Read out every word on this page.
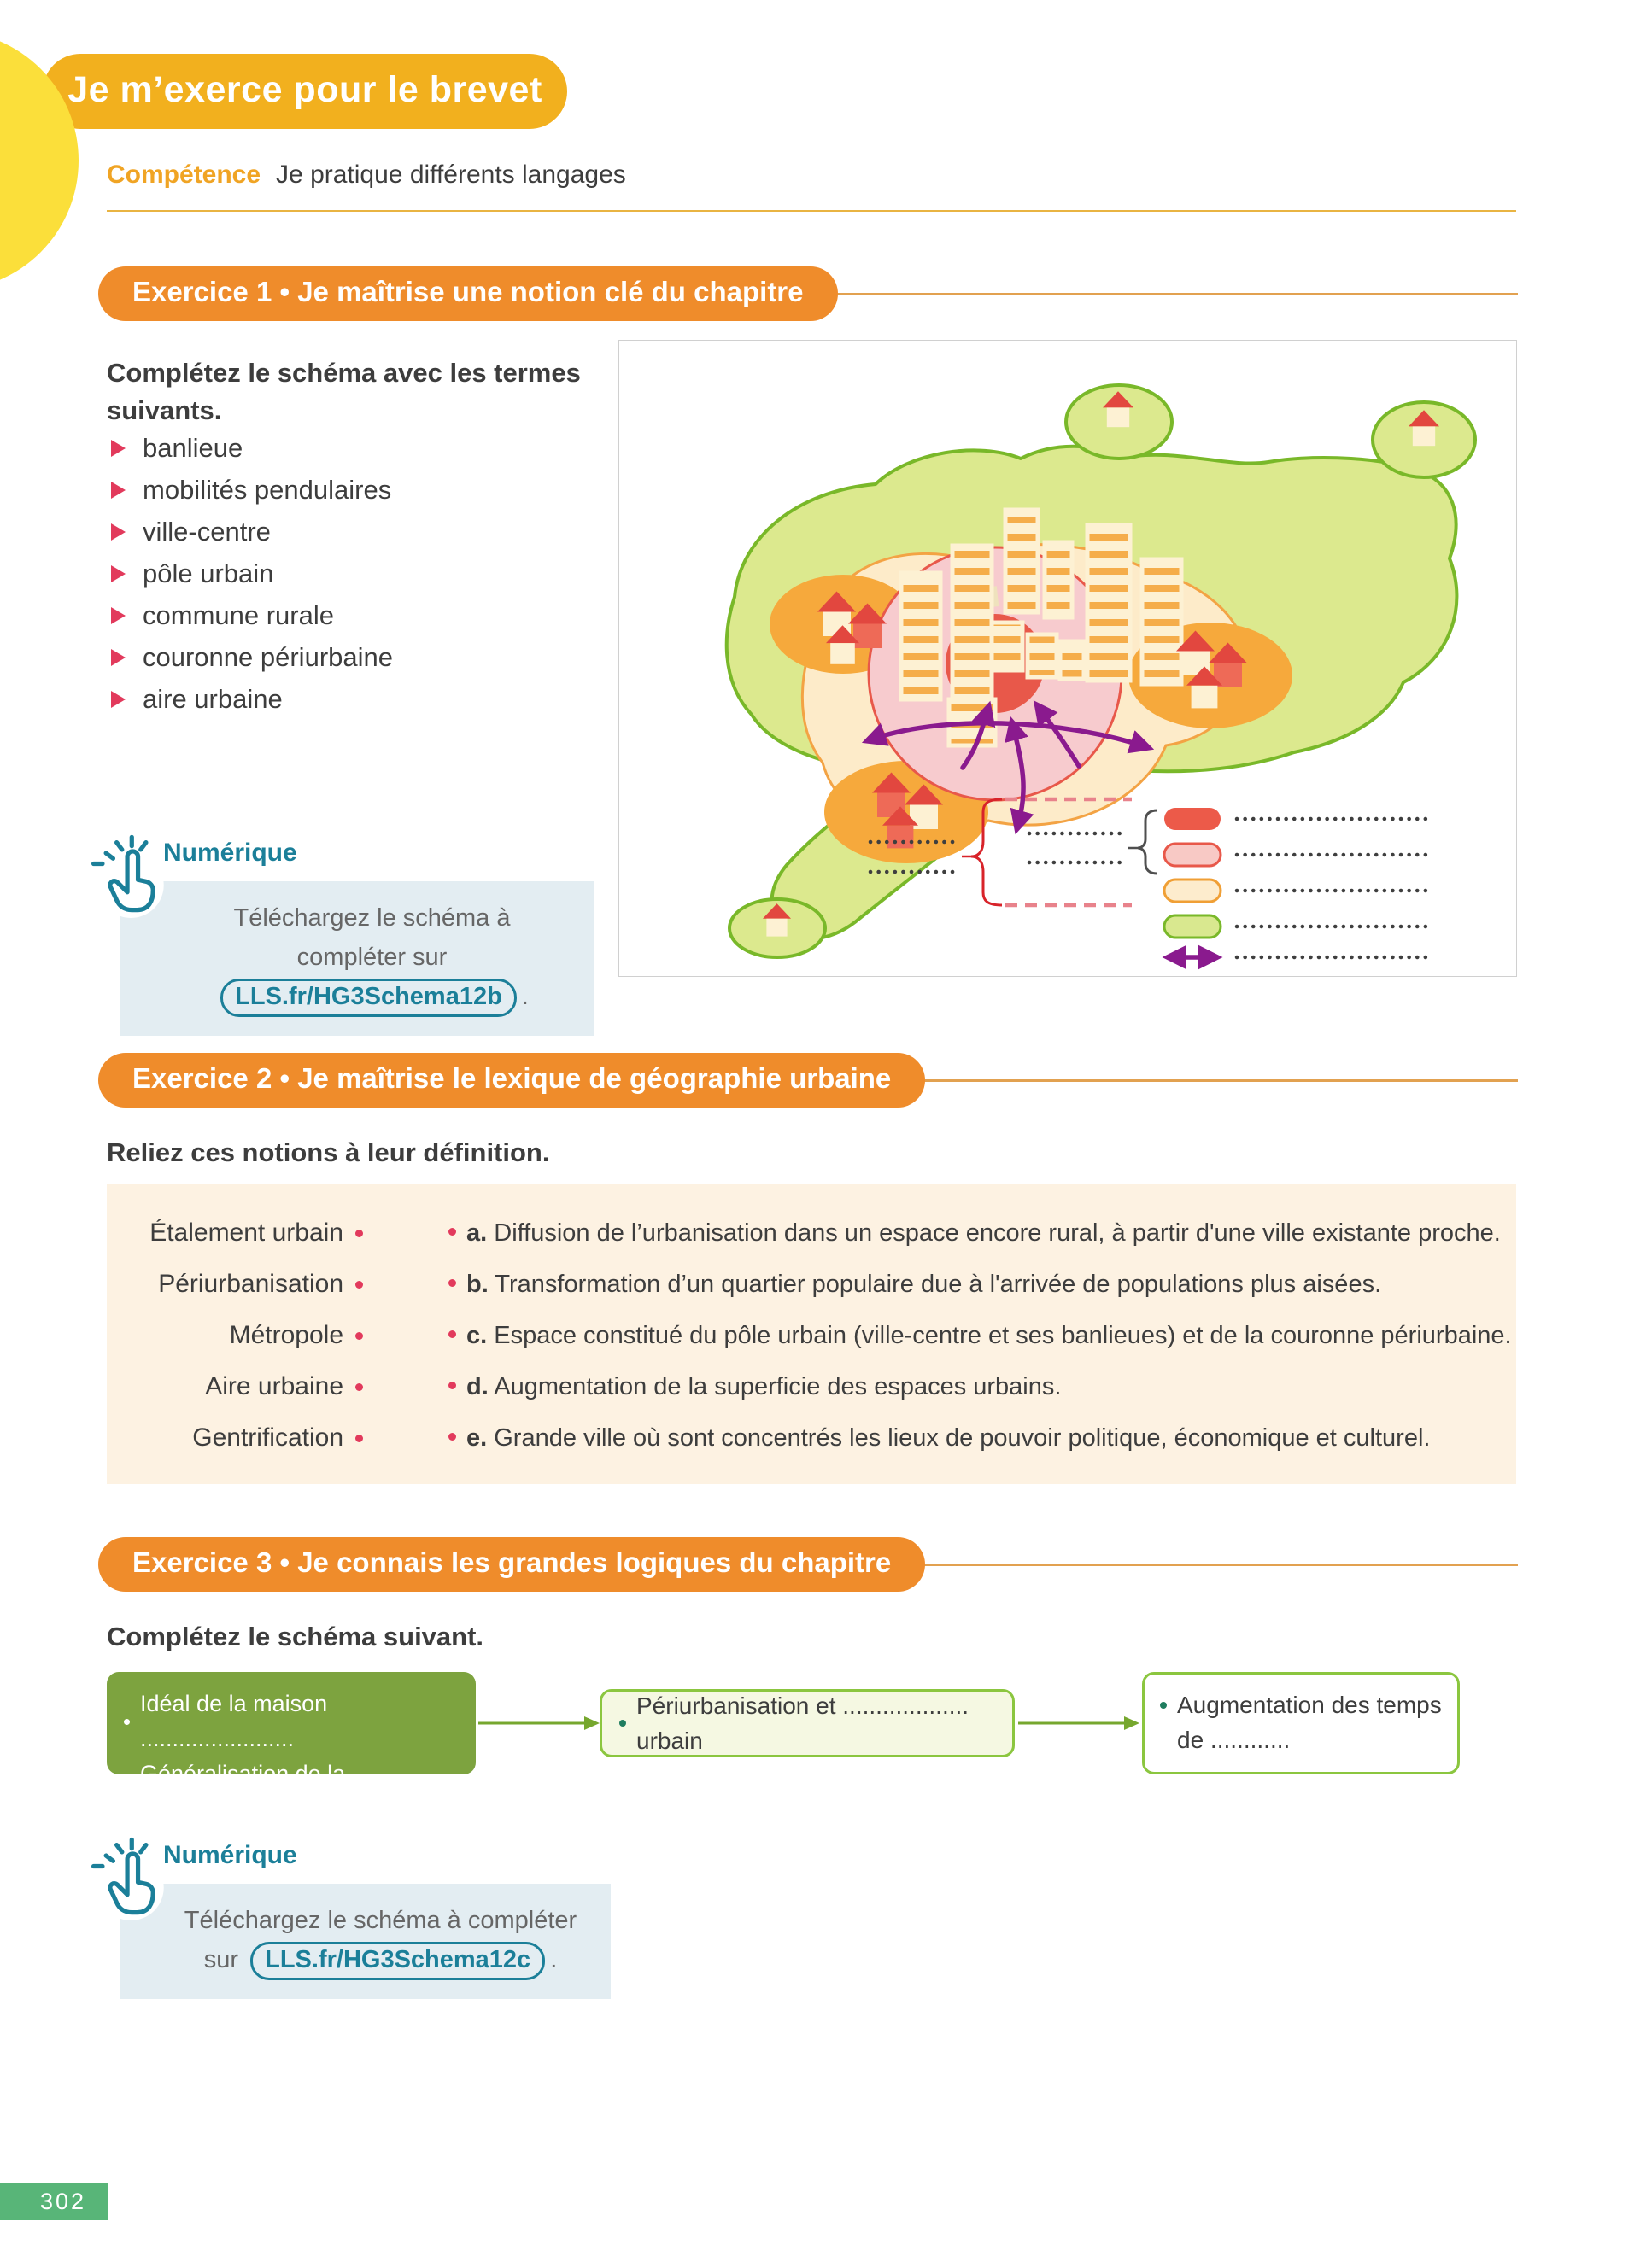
Je m’exerce pour le brevet
Compétence Je pratique différents langages
Exercice 1 • Je maîtrise une notion clé du chapitre
Complétez le schéma avec les termes suivants.
banlieue
mobilités pendulaires
ville-centre
pôle urbain
commune rurale
couronne périurbaine
aire urbaine
Numérique
Téléchargez le schéma à
compléter sur LLS.fr/HG3Schema12b .
Exercice 2 • Je maîtrise le lexique de géographie urbaine
Reliez ces notions à leur définition.
Étalement urbain	a. Diffusion de l’urbanisation dans un espace encore rural, à partir d'une ville existante proche.
Périurbanisation	b. Transformation d’un quartier populaire due à l'arrivée de populations plus aisées.
Métropole	c. Espace constitué du pôle urbain (ville-centre et ses banlieues) et de la couronne périurbaine.
Aire urbaine	d. Augmentation de la superficie des espaces urbains.
Gentrification	e. Grande ville où sont concentrés les lieux de pouvoir politique, économique et culturel.
Exercice 3 • Je connais les grandes logiques du chapitre
Complétez le schéma suivant.
Idéal de la maison ........................
Généralisation de la .....................
Périurbanisation et ................... urbain
Augmentation des temps
de ............
Numérique
Téléchargez le schéma à compléter
sur LLS.fr/HG3Schema12c .
302
